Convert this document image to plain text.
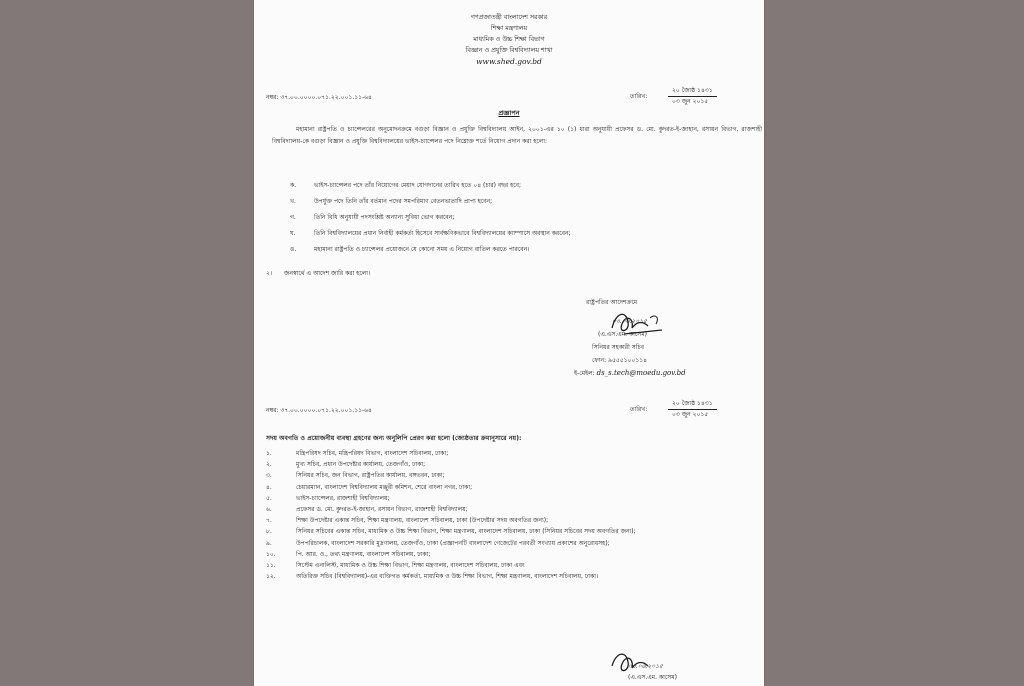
গণপ্রজাতন্ত্রী বাংলাদেশ সরকার
শিক্ষা মন্ত্রণালয়
মাধ্যমিক ও উচ্চ শিক্ষা বিভাগ
বিজ্ঞান ও প্রযুক্তি বিশ্ববিদ্যালয় শাখা
www.shed.gov.bd
নম্বর: ৩৭.০০.০০০০.০৭১.২২.০০১.১১-৬৪	তারিখ:
২০ জ্যৈষ্ঠ ১৪৩১
০৩ জুন ২০১৫
প্রজ্ঞাপন
মহামান্য রাষ্ট্রপতি ও চ্যান্সেলরের অনুমোদনক্রমে বগুড়া বিজ্ঞান ও প্রযুক্তি বিশ্ববিদ্যালয় আইন, ২০০১-এর ১০ (১) ধারা অনুযায়ী প্রফেসর ড. মো. কুদরত-ই-জাহান, রসায়ন বিভাগ, রাজশাহী বিশ্ববিদ্যালয়-কে বগুড়া বিজ্ঞান ও প্রযুক্তি বিশ্ববিদ্যালয়ের ভাইস-চ্যান্সেলর পদে নিম্নোক্ত শর্তে নিয়োগ প্রদান করা হলো:
ক.	ভাইস-চ্যান্সেলর পদে তাঁর নিয়োগের মেয়াদ যোগদানের তারিখ হতে ০৪ (চার) বছর হবে;
খ.	উপর্যুক্ত পদে তিনি তাঁর বর্তমান পদের সমপরিমাণ বেতনভাতাদি প্রাপ্য হবেন;
গ.	তিনি বিধি অনুযায়ী পদসংশ্লিষ্ট অন্যান্য সুবিধা ভোগ করবেন;
ঘ.	তিনি বিশ্ববিদ্যালয়ের প্রধান নির্বাহী কর্মকর্তা হিসেবে সার্বক্ষণিকভাবে বিশ্ববিদ্যালয়ের ক্যাম্পাসে অবস্থান করবেন;
ঙ.	মহামান্য রাষ্ট্রপতি ও চ্যান্সেলর প্রয়োজনে যে কোনো সময় এ নিয়োগ বাতিল করতে পারবেন।
২। জনস্বার্থে এ আদেশ জারি করা হলো।
রাষ্ট্রপতির আদেশক্রমে
০৩.০৬.২০১৫
(এ.এস.এম. কাসেম)
সিনিয়র সহকারী সচিব
ফোন: ৯৫৫৫১০০১১৪
ই-মেইল: ds_s.tech@moedu.gov.bd
নম্বর: ৩৭.০০.০০০০.০৭১.২২.০০১.১১-৬৪	তারিখ:
২০ জ্যৈষ্ঠ ১৪৩১
০৩ জুন ২০১৫
সদয় অবগতি ও প্রয়োজনীয় ব্যবস্থা গ্রহণের জন্য অনুলিপি প্রেরণ করা হলো (জ্যেষ্ঠতার ক্রমানুসারে নয়):
১.	মন্ত্রিপরিষদ সচিব, মন্ত্রিপরিষদ বিভাগ, বাংলাদেশ সচিবালয়, ঢাকা;
২.	মুখ্য সচিব, প্রধান উপদেষ্টার কার্যালয়, তেজগাঁও, ঢাকা;
৩.	সিনিয়র সচিব, জন বিভাগ, রাষ্ট্রপতির কার্যালয়, বঙ্গভবন, ঢাকা;
৪.	চেয়ারম্যান, বাংলাদেশ বিশ্ববিদ্যালয় মঞ্জুরী কমিশন, শেরে বাংলা নগর, ঢাকা;
৫.	ভাইস-চ্যান্সেলর, রাজশাহী বিশ্ববিদ্যালয়;
৬.	প্রফেসর ড. মো. কুদরত-ই-জাহান, রসায়ন বিভাগ, রাজশাহী বিশ্ববিদ্যালয়;
৭.	শিক্ষা উপদেষ্টার একান্ত সচিব, শিক্ষা মন্ত্রণালয়, বাংলাদেশ সচিবালয়, ঢাকা (উপদেষ্টার সদয় অবগতির জন্য);
৮.	সিনিয়র সচিবের একান্ত সচিব, মাধ্যমিক ও উচ্চ শিক্ষা বিভাগ, শিক্ষা মন্ত্রণালয়, বাংলাদেশ সচিবালয়, ঢাকা (সিনিয়র সচিবের সদয় অবগতির জন্য);
৯.	উপপরিচালক, বাংলাদেশ সরকারি মুদ্রণালয়, তেজগাঁও, ঢাকা (প্রজ্ঞাপনটি বাংলাদেশ গেজেটের পরবর্তী সংখ্যায় প্রকাশের অনুরোধসহ);
১০.	পি. আর. ও., তথ্য মন্ত্রণালয়, বাংলাদেশ সচিবালয়, ঢাকা;
১১.	সিস্টেম এনালিস্ট, মাধ্যমিক ও উচ্চ শিক্ষা বিভাগ, শিক্ষা মন্ত্রণালয়, বাংলাদেশ সচিবালয়, ঢাকা এবং
১২.	অতিরিক্ত সচিব (বিশ্ববিদ্যালয়)-এর ব্যক্তিগত কর্মকর্তা, মাধ্যমিক ও উচ্চ শিক্ষা বিভাগ, শিক্ষা মন্ত্রণালয়, বাংলাদেশ সচিবালয়, ঢাকা।
০৩.০৬.২০১৫
(এ.এস.এম. কাসেম)
